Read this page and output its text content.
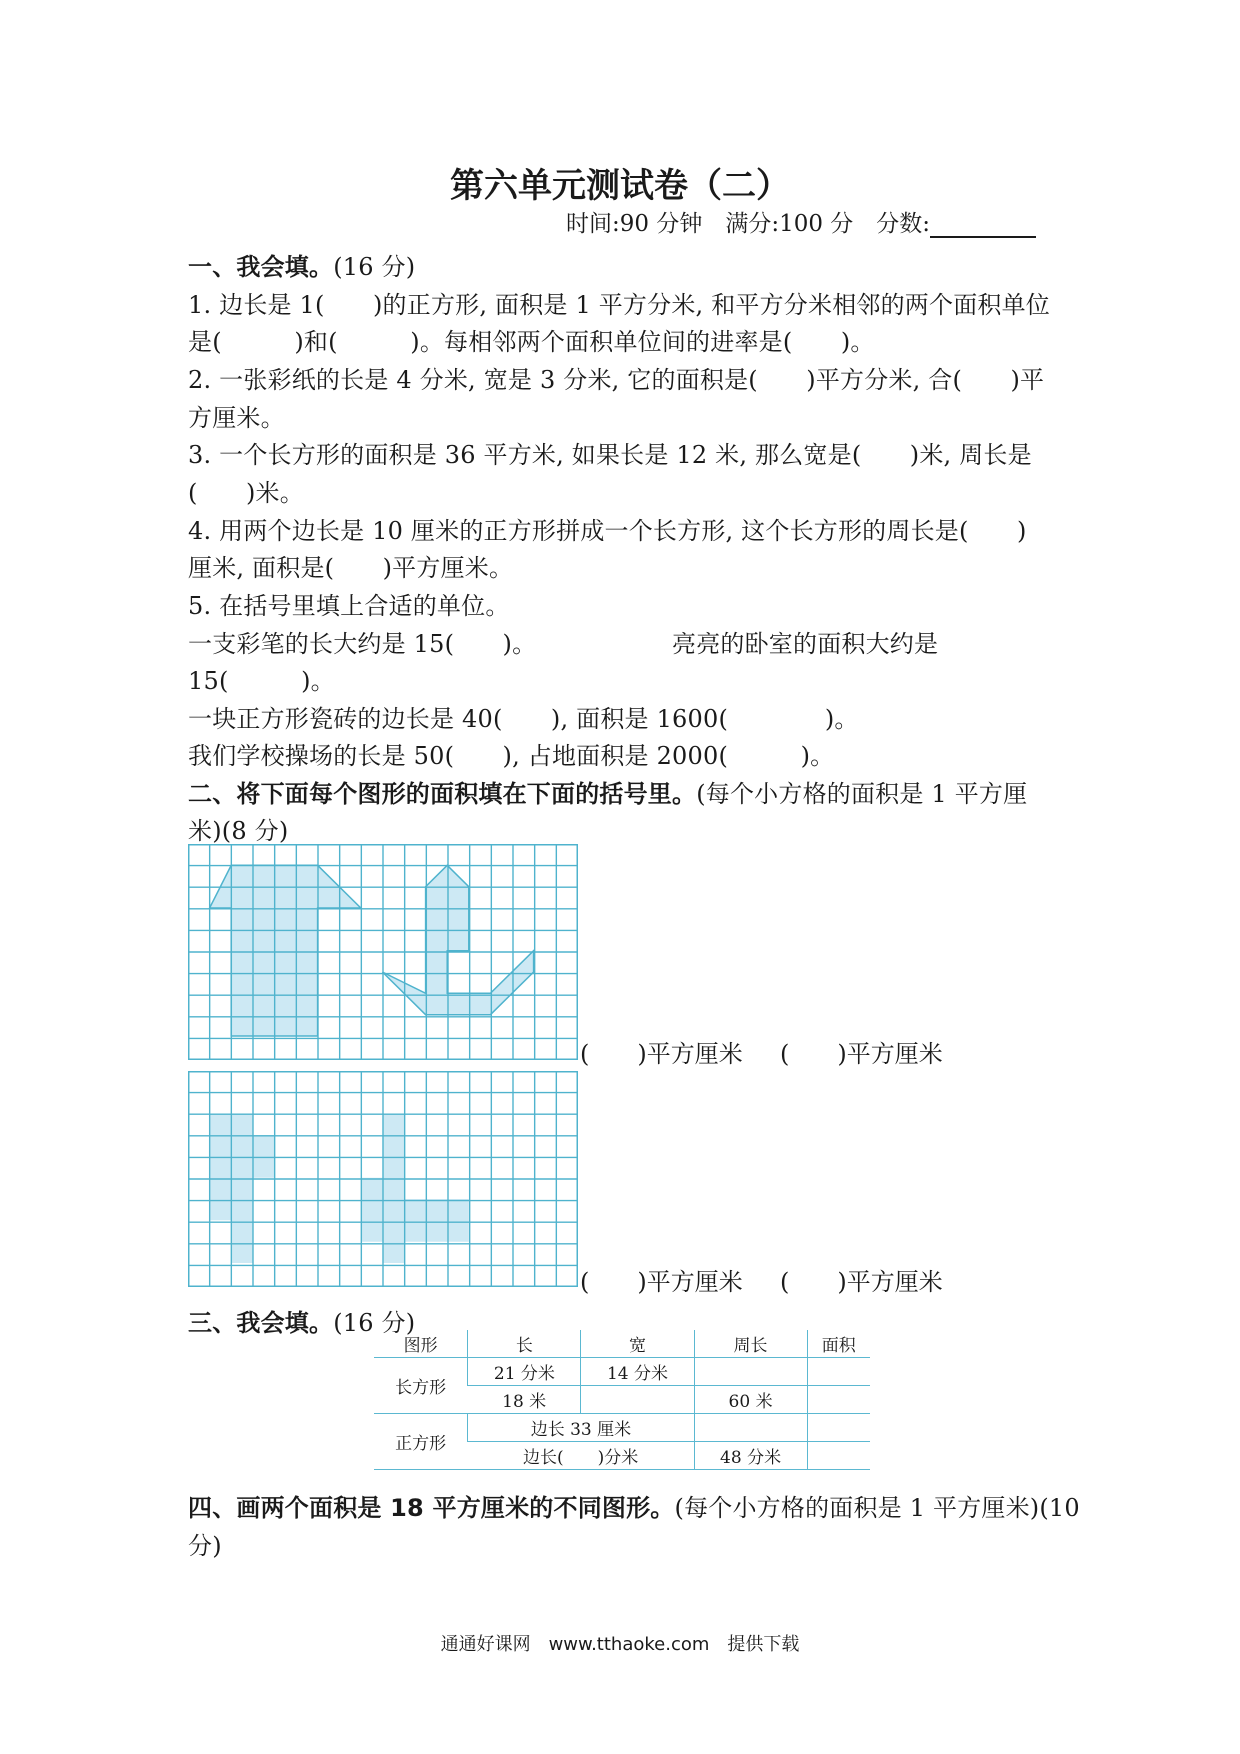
第六单元测试卷（二）
时间:90 分钟　满分:100 分　分数:
一、我会填。(16 分)
1. 边长是 1(　　)的正方形, 面积是 1 平方分米, 和平方分米相邻的两个面积单位
是(　　　)和(　　　)。每相邻两个面积单位间的进率是(　　)。
2. 一张彩纸的长是 4 分米, 宽是 3 分米, 它的面积是(　　)平方分米, 合(　　)平
方厘米。
3. 一个长方形的面积是 36 平方米, 如果长是 12 米, 那么宽是(　　)米, 周长是
(　　)米。
4. 用两个边长是 10 厘米的正方形拼成一个长方形, 这个长方形的周长是(　　)
厘米, 面积是(　　)平方厘米。
5. 在括号里填上合适的单位。
一支彩笔的长大约是 15(　　)。	亮亮的卧室的面积大约是
15(　　　)。
一块正方形瓷砖的边长是 40(　　), 面积是 1600(　　　　)。
我们学校操场的长是 50(　　), 占地面积是 2000(　　　)。
二、将下面每个图形的面积填在下面的括号里。(每个小方格的面积是 1 平方厘
米)(8 分)
(　　)平方厘米 (　　)平方厘米
(　　)平方厘米 (　　)平方厘米
三、我会填。(16 分)
图形	长	宽	周长	面积
长方形	21 分米	14 分米		
	18 米		60 米	
正方形	边长 33 厘米			
	边长(　　)分米		48 分米	
四、画两个面积是 18 平方厘米的不同图形。(每个小方格的面积是 1 平方厘米)(10
分)
通通好课网　www.tthaoke.com　提供下载
